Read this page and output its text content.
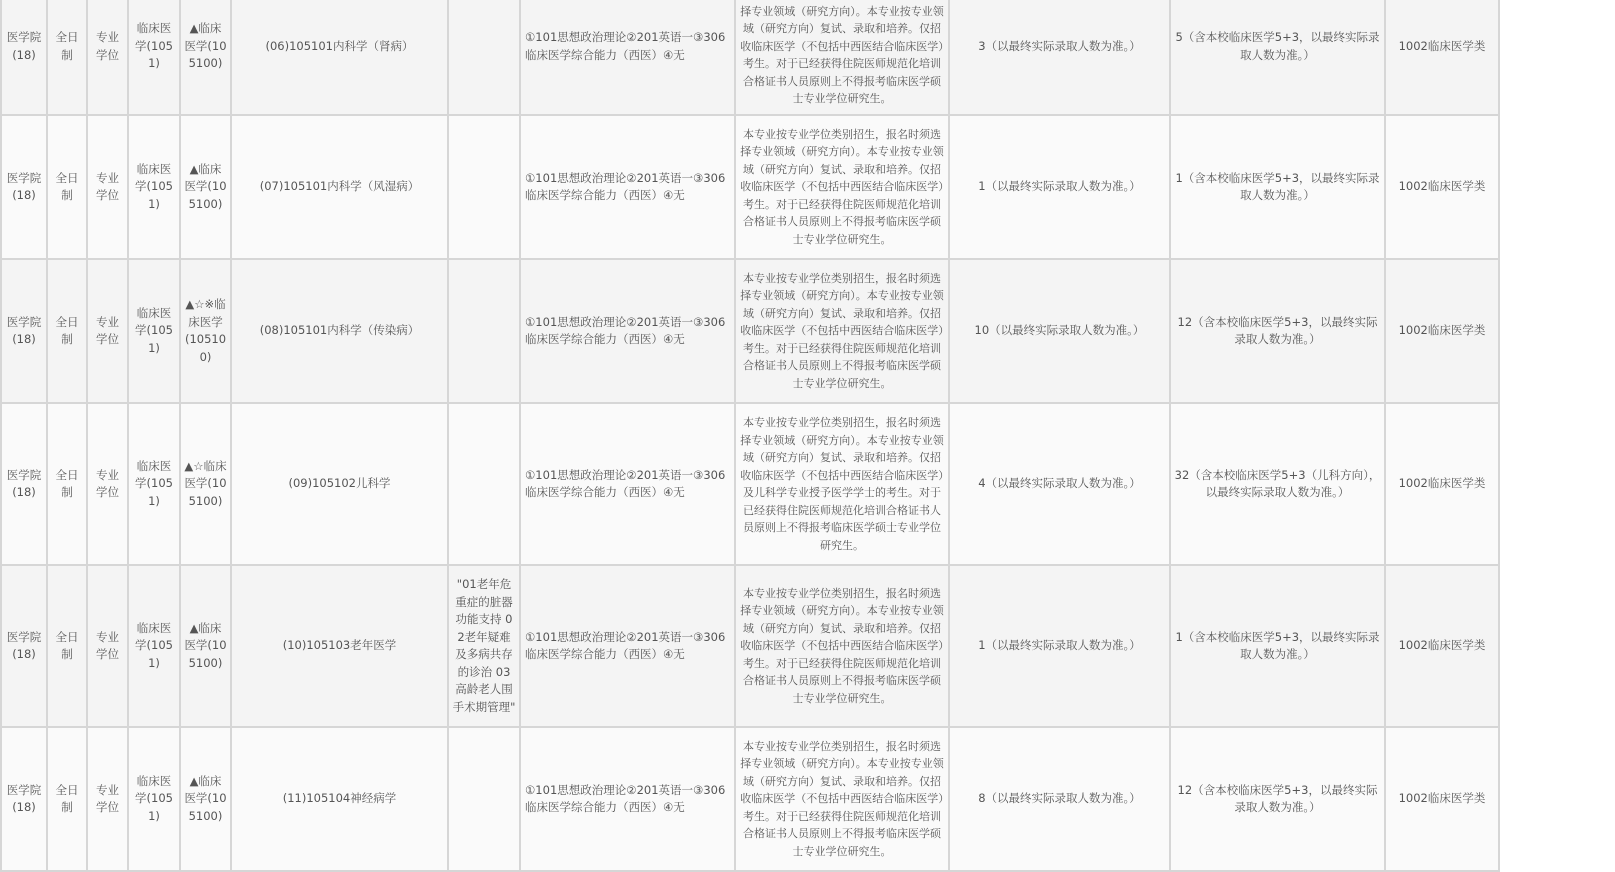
医学院(18)	全日制	专业学位	临床医学(1051)	▲临床医学(105100)	(06)105101内科学（肾病）		①101思想政治理论②201英语一③306临床医学综合能力（西医）④无	择专业领域（研究方向）。本专业按专业领域（研究方向）复试、录取和培养。仅招收临床医学（不包括中西医结合临床医学）考生。对于已经获得住院医师规范化培训合格证书人员原则上不得报考临床医学硕士专业学位研究生。	3（以最终实际录取人数为准。）	5（含本校临床医学5+3，以最终实际录取人数为准。）	1002临床医学类
医学院(18)	全日制	专业学位	临床医学(1051)	▲临床医学(105100)	(07)105101内科学（风湿病）		①101思想政治理论②201英语一③306临床医学综合能力（西医）④无	本专业按专业学位类别招生，报名时须选择专业领域（研究方向）。本专业按专业领域（研究方向）复试、录取和培养。仅招收临床医学（不包括中西医结合临床医学）考生。对于已经获得住院医师规范化培训合格证书人员原则上不得报考临床医学硕士专业学位研究生。	1（以最终实际录取人数为准。）	1（含本校临床医学5+3，以最终实际录取人数为准。）	1002临床医学类
医学院(18)	全日制	专业学位	临床医学(1051)	▲☆※临床医学(105100)	(08)105101内科学（传染病）		①101思想政治理论②201英语一③306临床医学综合能力（西医）④无	本专业按专业学位类别招生，报名时须选择专业领域（研究方向）。本专业按专业领域（研究方向）复试、录取和培养。仅招收临床医学（不包括中西医结合临床医学）考生。对于已经获得住院医师规范化培训合格证书人员原则上不得报考临床医学硕士专业学位研究生。	10（以最终实际录取人数为准。）	12（含本校临床医学5+3，以最终实际录取人数为准。）	1002临床医学类
医学院(18)	全日制	专业学位	临床医学(1051)	▲☆临床医学(105100)	(09)105102儿科学		①101思想政治理论②201英语一③306临床医学综合能力（西医）④无	本专业按专业学位类别招生，报名时须选择专业领域（研究方向）。本专业按专业领域（研究方向）复试、录取和培养。仅招收临床医学（不包括中西医结合临床医学）及儿科学专业授予医学学士的考生。对于已经获得住院医师规范化培训合格证书人员原则上不得报考临床医学硕士专业学位研究生。	4（以最终实际录取人数为准。）	32（含本校临床医学5+3（儿科方向），以最终实际录取人数为准。）	1002临床医学类
医学院(18)	全日制	专业学位	临床医学(1051)	▲临床医学(105100)	(10)105103老年医学	"01老年危重症的脏器功能支持 02老年疑难及多病共存的诊治 03高龄老人围手术期管理"	①101思想政治理论②201英语一③306临床医学综合能力（西医）④无	本专业按专业学位类别招生，报名时须选择专业领域（研究方向）。本专业按专业领域（研究方向）复试、录取和培养。仅招收临床医学（不包括中西医结合临床医学）考生。对于已经获得住院医师规范化培训合格证书人员原则上不得报考临床医学硕士专业学位研究生。	1（以最终实际录取人数为准。）	1（含本校临床医学5+3，以最终实际录取人数为准。）	1002临床医学类
医学院(18)	全日制	专业学位	临床医学(1051)	▲临床医学(105100)	(11)105104神经病学		①101思想政治理论②201英语一③306临床医学综合能力（西医）④无	本专业按专业学位类别招生，报名时须选择专业领域（研究方向）。本专业按专业领域（研究方向）复试、录取和培养。仅招收临床医学（不包括中西医结合临床医学）考生。对于已经获得住院医师规范化培训合格证书人员原则上不得报考临床医学硕士专业学位研究生。	8（以最终实际录取人数为准。）	12（含本校临床医学5+3，以最终实际录取人数为准。）	1002临床医学类
